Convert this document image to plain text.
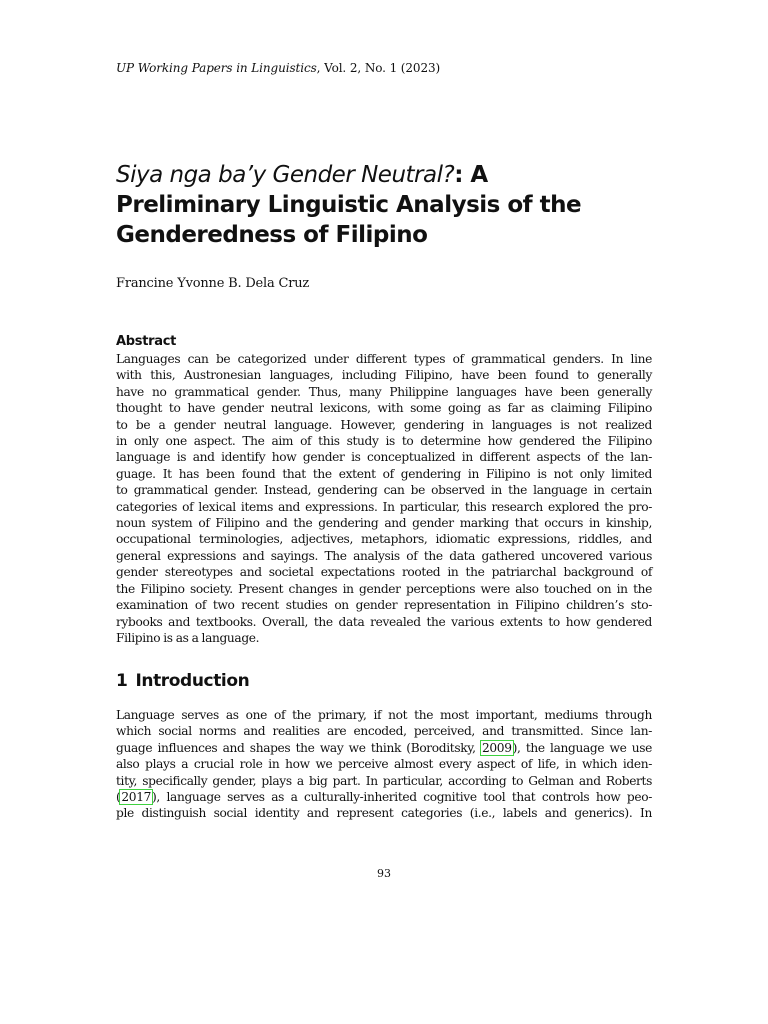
UP Working Papers in Linguistics, Vol. 2, No. 1 (2023)
Siya nga ba’y Gender Neutral?: A
Preliminary Linguistic Analysis of the
Genderedness of Filipino
Francine Yvonne B. Dela Cruz
Abstract
Languages can be categorized under different types of grammatical genders. In line
with this, Austronesian languages, including Filipino, have been found to generally
have no grammatical gender. Thus, many Philippine languages have been generally
thought to have gender neutral lexicons, with some going as far as claiming Filipino
to be a gender neutral language. However, gendering in languages is not realized
in only one aspect. The aim of this study is to determine how gendered the Filipino
language is and identify how gender is conceptualized in different aspects of the lan-
guage. It has been found that the extent of gendering in Filipino is not only limited
to grammatical gender. Instead, gendering can be observed in the language in certain
categories of lexical items and expressions. In particular, this research explored the pro-
noun system of Filipino and the gendering and gender marking that occurs in kinship,
occupational terminologies, adjectives, metaphors, idiomatic expressions, riddles, and
general expressions and sayings. The analysis of the data gathered uncovered various
gender stereotypes and societal expectations rooted in the patriarchal background of
the Filipino society. Present changes in gender perceptions were also touched on in the
examination of two recent studies on gender representation in Filipino children’s sto-
rybooks and textbooks. Overall, the data revealed the various extents to how gendered
Filipino is as a language.
1 Introduction
Language serves as one of the primary, if not the most important, mediums through
which social norms and realities are encoded, perceived, and transmitted. Since lan-
guage influences and shapes the way we think (Boroditsky, 2009), the language we use
also plays a crucial role in how we perceive almost every aspect of life, in which iden-
tity, specifically gender, plays a big part. In particular, according to Gelman and Roberts
(2017), language serves as a culturally-inherited cognitive tool that controls how peo-
ple distinguish social identity and represent categories (i.e., labels and generics). In
93
